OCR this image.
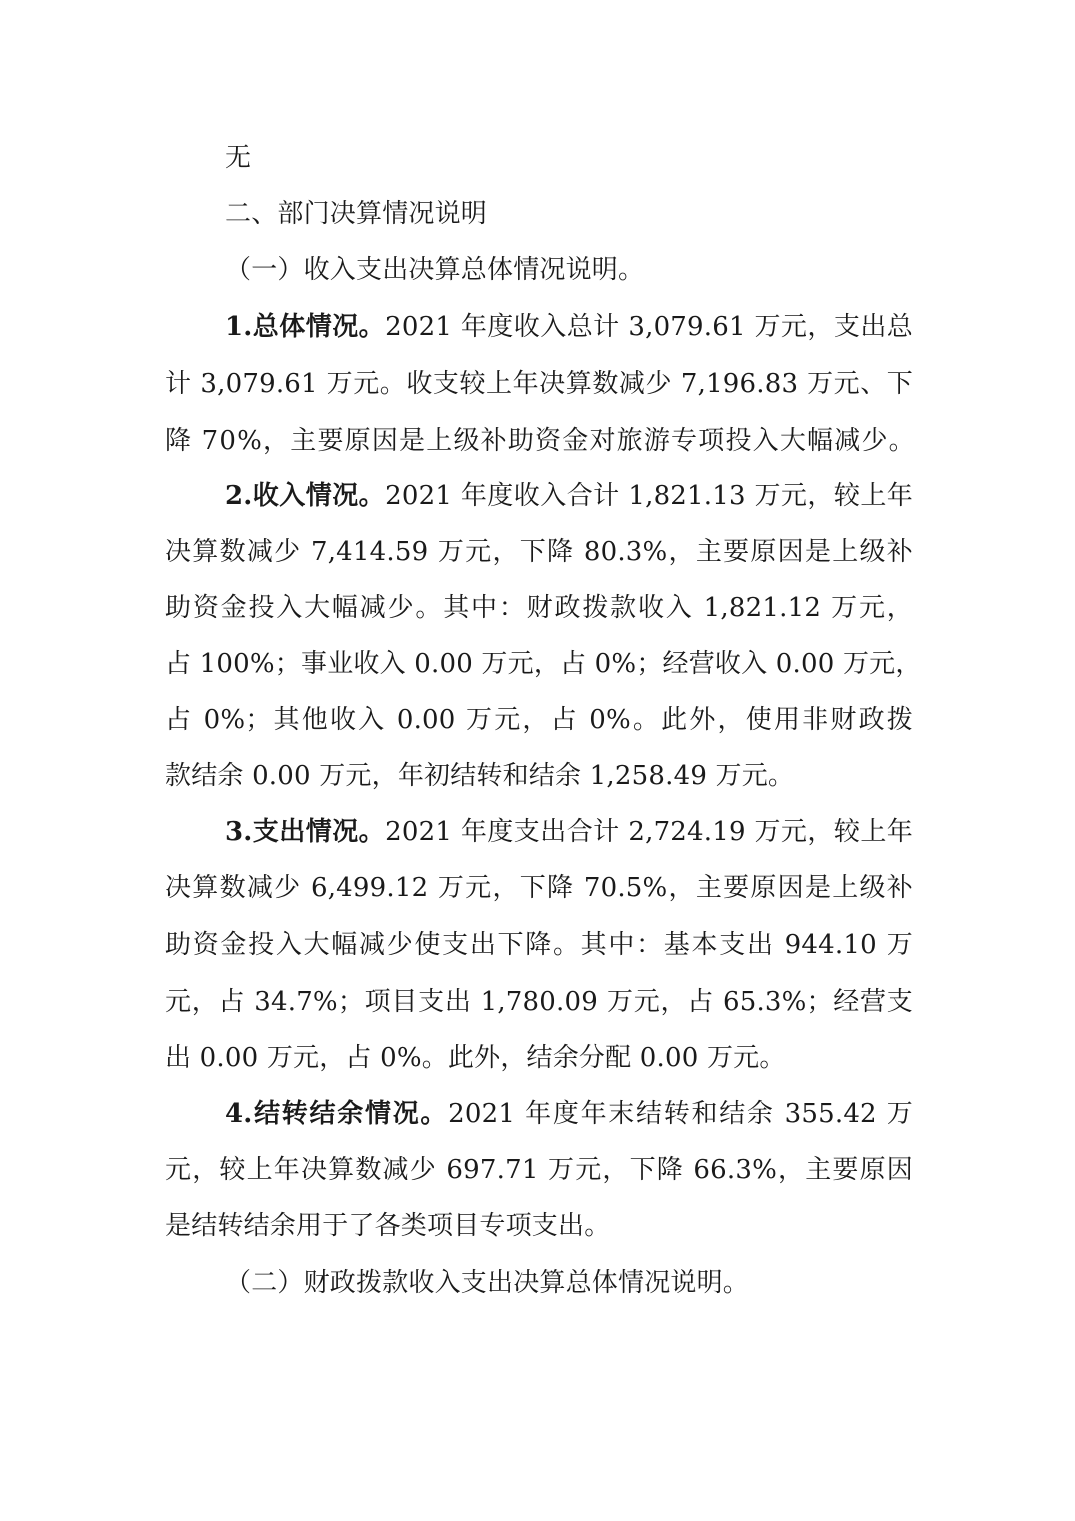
无
二、部门决算情况说明
（一）收入支出决算总体情况说明。
1.总体情况。2021 年度收入总计 3,079.61 万元，支出总
计 3,079.61 万元。收支较上年决算数减少 7,196.83 万元、下
降 70%，主要原因是上级补助资金对旅游专项投入大幅减少。
2.收入情况。2021 年度收入合计 1,821.13 万元，较上年
决算数减少 7,414.59 万元，下降 80.3%，主要原因是上级补
助资金投入大幅减少。其中：财政拨款收入 1,821.12 万元，
占 100%；事业收入 0.00 万元，占 0%；经营收入 0.00 万元，
占 0%；其他收入 0.00 万元，占 0%。此外，使用非财政拨
款结余 0.00 万元，年初结转和结余 1,258.49 万元。
3.支出情况。2021 年度支出合计 2,724.19 万元，较上年
决算数减少 6,499.12 万元，下降 70.5%，主要原因是上级补
助资金投入大幅减少使支出下降。其中：基本支出 944.10 万
元，占 34.7%；项目支出 1,780.09 万元，占 65.3%；经营支
出 0.00 万元，占 0%。此外，结余分配 0.00 万元。
4.结转结余情况。2021 年度年末结转和结余 355.42 万
元，较上年决算数减少 697.71 万元，下降 66.3%，主要原因
是结转结余用于了各类项目专项支出。
（二）财政拨款收入支出决算总体情况说明。
